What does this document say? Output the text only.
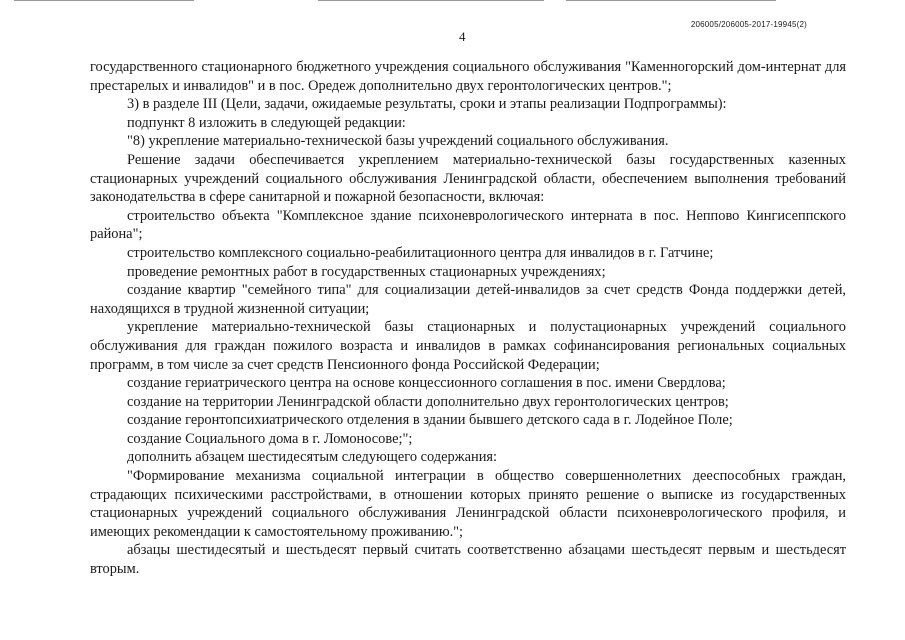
4
206005/206005-2017-19945(2)

государственного стационарного бюджетного учреждения социального обслуживания "Каменногорский дом-интернат для престарелых и инвалидов" и в пос. Оредеж дополнительно двух геронтологических центров.";

3) в разделе III (Цели, задачи, ожидаемые результаты, сроки и этапы реализации Подпрограммы):

подпункт 8 изложить в следующей редакции:

"8) укрепление материально-технической базы учреждений социального обслуживания.

Решение задачи обеспечивается укреплением материально-технической базы государственных казенных стационарных учреждений социального обслуживания Ленинградской области, обеспечением выполнения требований законодательства в сфере санитарной и пожарной безопасности, включая:

строительство объекта "Комплексное здание психоневрологического интерната в пос. Неппово Кингисеппского района";

строительство комплексного социально-реабилитационного центра для инвалидов в г. Гатчине;

проведение ремонтных работ в государственных стационарных учреждениях;

создание квартир "семейного типа" для социализации детей-инвалидов за счет средств Фонда поддержки детей, находящихся в трудной жизненной ситуации;

укрепление материально-технической базы стационарных и полустационарных учреждений социального обслуживания для граждан пожилого возраста и инвалидов в рамках софинансирования региональных социальных программ, в том числе за счет средств Пенсионного фонда Российской Федерации;

создание гериатрического центра на основе концессионного соглашения в пос. имени Свердлова;

создание на территории Ленинградской области дополнительно двух геронтологических центров;

создание геронтопсихиатрического отделения в здании бывшего детского сада в г. Лодейное Поле;

создание Социального дома в г. Ломоносове;";

дополнить абзацем шестидесятым следующего содержания:

"Формирование механизма социальной интеграции в общество совершеннолетних дееспособных граждан, страдающих психическими расстройствами, в отношении которых принято решение о выписке из государственных стационарных учреждений социального обслуживания Ленинградской области психоневрологического профиля, и имеющих рекомендации к самостоятельному проживанию.";

абзацы шестидесятый и шестьдесят первый считать соответственно абзацами шестьдесят первым и шестьдесят вторым.
